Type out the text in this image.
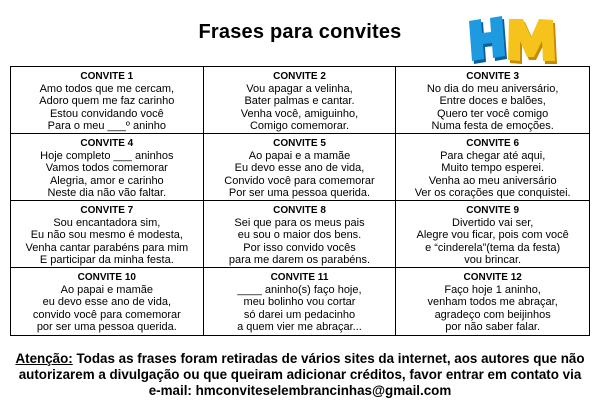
Frases para convites
CONVITE 1
Amo todos que me cercam,
Adoro quem me faz carinho
Estou convidando você
Para o meu ___º aninho
CONVITE 2
Vou apagar a velinha,
Bater palmas e cantar.
Venha você, amiguinho,
Comigo comemorar.
CONVITE 3
No dia do meu aniversário,
Entre doces e balões,
Quero ter você comigo
Numa festa de emoções.
CONVITE 4
Hoje completo ___ aninhos
Vamos todos comemorar
Alegria, amor e carinho
Neste dia não vão faltar.
CONVITE 5
Ao papai e a mamãe
Eu devo esse ano de vida,
Convido você para comemorar
Por ser uma pessoa querida.
CONVITE 6
Para chegar até aqui,
Muito tempo esperei.
Venha ao meu aniversário
Ver os corações que conquistei.
CONVITE 7
Sou encantadora sim,
Eu não sou mesmo é modesta,
Venha cantar parabéns para mim
E participar da minha festa.
CONVITE 8
Sei que para os meus pais
eu sou o maior dos bens.
Por isso convido vocês
para me darem os parabéns.
CONVITE 9
Divertido vai ser,
Alegre vou ficar, pois com você
e “cinderela”(tema da festa)
vou brincar.
CONVITE 10
Ao papai e mamãe
eu devo esse ano de vida,
convido você para comemorar
por ser uma pessoa querida.
CONVITE 11
____ aninho(s) faço hoje,
meu bolinho vou cortar
só darei um pedacinho
a quem vier me abraçar...
CONVITE 12
Faço hoje 1 aninho,
venham todos me abraçar,
agradeço com beijinhos
por não saber falar.
Atenção: Todas as frases foram retiradas de vários sites da internet, aos autores que não
autorizarem a divulgação ou que queiram adicionar créditos, favor entrar em contato via
e-mail: hmconviteselembrancinhas@gmail.com
